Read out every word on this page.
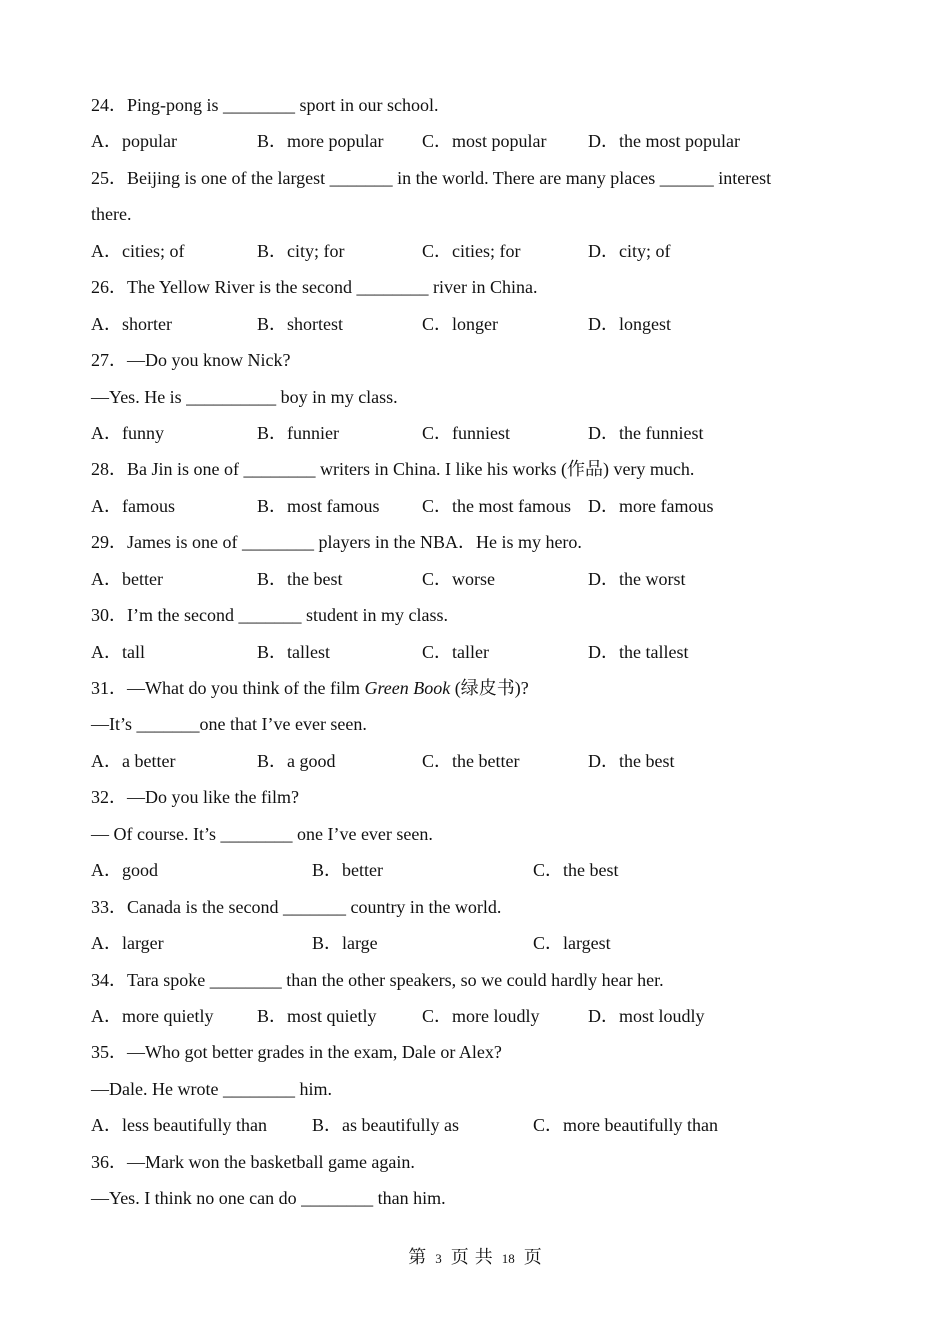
24．Ping-pong is ________ sport in our school.

A．popular

	B．more popular

C．most popular

D．the most popular

25．Beijing is one of the largest _______ in the world. There are many places ______ interest
there.

A．cities; of

	B．city; for

	C．cities; for

	D．city; of

26．The Yellow River is the second ________ river in China.

A．shorter

	B．shortest

	C．longer

	D．longest

27．—Do you know Nick?
—Yes. He is __________ boy in my class.

A．funny

	B．funnier

	C．funniest

	D．the funniest

28．Ba Jin is one of ________ writers in China. I like his works (作品) very much.

A．famous

	B．most famous

C．the most famous

D．more famous

29．James is one of ________ players in the NBA．He is my hero.

A．better

	B．the best

	C．worse

	D．the worst

30．I’m the second _______ student in my class.

A．tall

	B．tallest

	C．taller

	D．the tallest

31．—What do you think of the film Green Book (绿皮书)?
—It’s _______one that I’ve ever seen.

A．a better

	B．a good

	C．the better

	D．the best

32．—Do you like the film?
— Of course. It’s ________ one I’ve ever seen.

A．good

	B．better

	C．the best

33．Canada is the second _______ country in the world.

A．larger

	B．large

	C．largest

34．Tara spoke ________ than the other speakers, so we could hardly hear her.

A．more quietly

B．most quietly

	C．more loudly

	D．most loudly

35．—Who got better grades in the exam, Dale or Alex?
—Dale. He wrote ________ him.

A．less beautifully than

	B．as beautifully as

	C．more beautifully than

36．—Mark won the basketball game again.
—Yes. I think no one can do ________ than him.
第 3 页 共 18 页
